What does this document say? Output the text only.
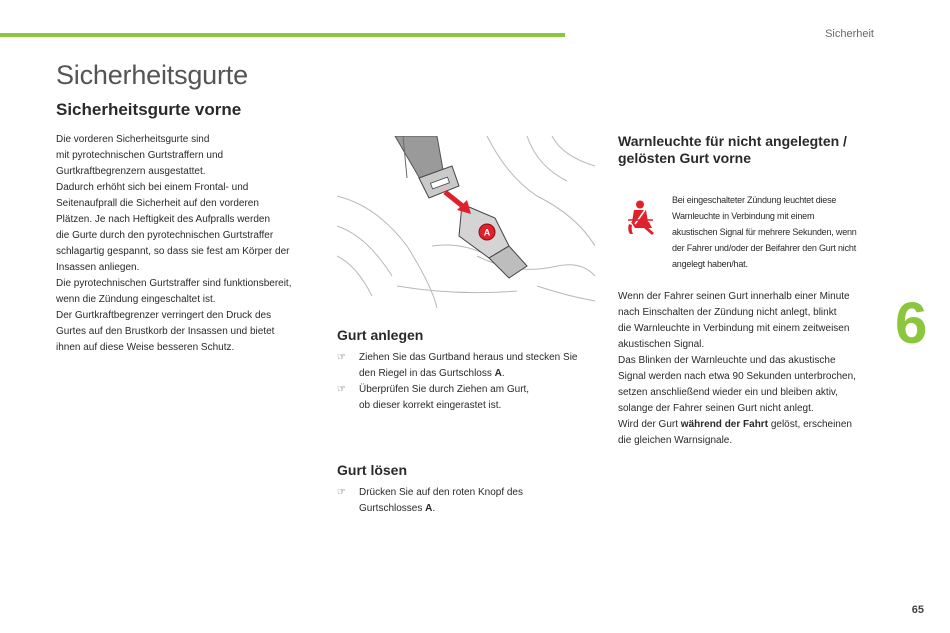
Sicherheit
Sicherheitsgurte
Sicherheitsgurte vorne

Die vorderen Sicherheitsgurte sind

mit pyrotechnischen Gurtstraffern und

Gurtkraftbegrenzern ausgestattet.

Dadurch erhöht sich bei einem Frontal- und

Seitenaufprall die Sicherheit auf den vorderen

Plätzen. Je nach Heftigkeit des Aufpralls werden

die Gurte durch den pyrotechnischen Gurtstraffer

schlagartig gespannt, so dass sie fest am Körper der

Insassen anliegen.

Die pyrotechnischen Gurtstraffer sind funktionsbereit,

wenn die Zündung eingeschaltet ist.

Der Gurtkraftbegrenzer verringert den Druck des

Gurtes auf den Brustkorb der Insassen und bietet

ihnen auf diese Weise besseren Schutz.

A
Gurt anlegen
☞ Ziehen Sie das Gurtband heraus und stecken Sie
den Riegel in das Gurtschloss A.
☞ Überprüfen Sie durch Ziehen am Gurt,
ob dieser korrekt eingerastet ist.
Gurt lösen
☞ Drücken Sie auf den roten Knopf des
Gurtschlosses A.
Warnleuchte für nicht angelegten /
gelösten Gurt vorne
Bei eingeschalteter Zündung leuchtet diese
Warnleuchte in Verbindung mit einem
akustischen Signal für mehrere Sekunden, wenn
der Fahrer und/oder der Beifahrer den Gurt nicht
angelegt haben/hat.

Wenn der Fahrer seinen Gurt innerhalb einer Minute

nach Einschalten der Zündung nicht anlegt, blinkt

die Warnleuchte in Verbindung mit einem zeitweisen

akustischen Signal.

Das Blinken der Warnleuchte und das akustische

Signal werden nach etwa 90 Sekunden unterbrochen,

setzen anschließend wieder ein und bleiben aktiv,

solange der Fahrer seinen Gurt nicht anlegt.

Wird der Gurt während der Fahrt gelöst, erscheinen

die gleichen Warnsignale.

6
65
